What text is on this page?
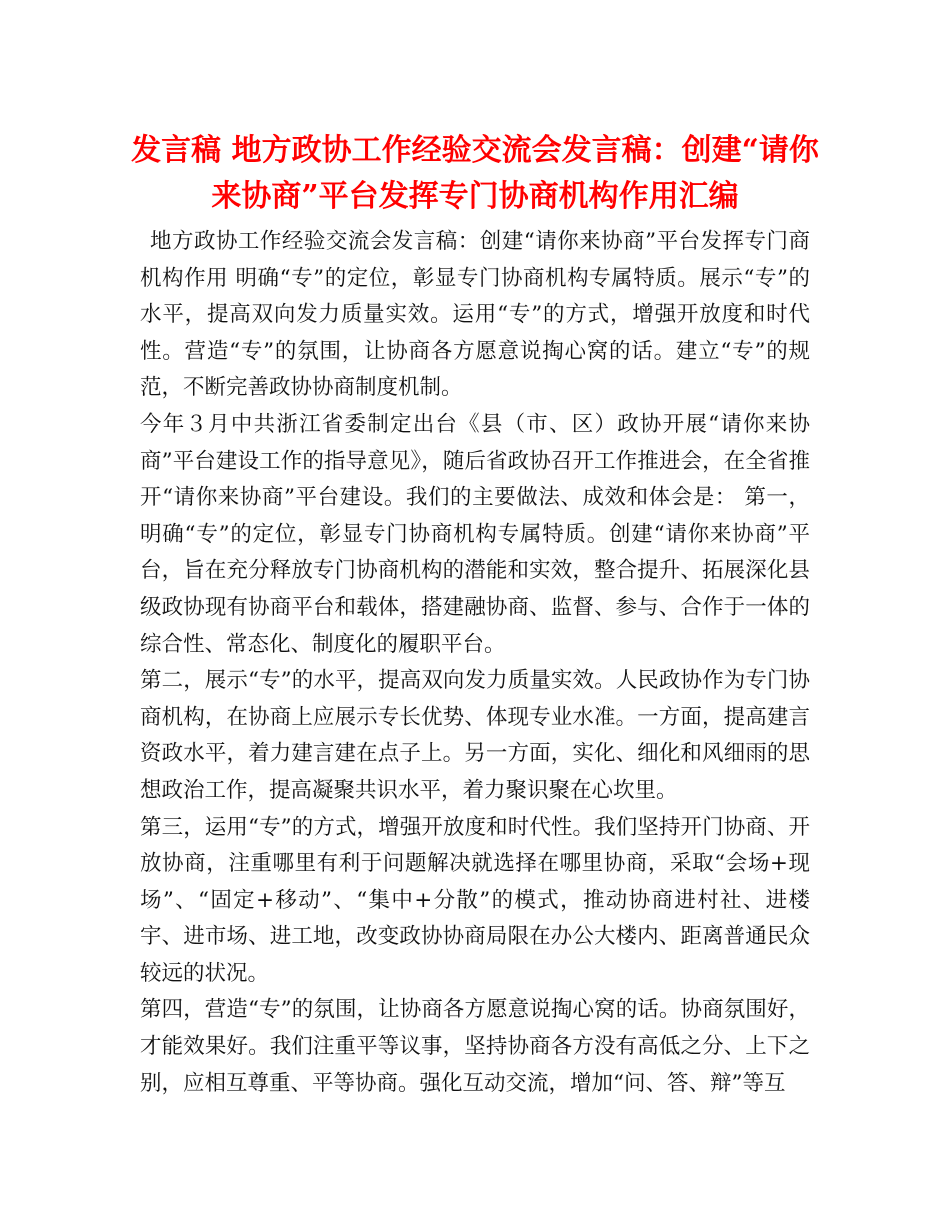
发言稿 地方政协工作经验交流会发言稿：创建“请你来协商”平台发挥专门协商机构作用汇编

地方政协工作经验交流会发言稿：创建“请你来协商”平台发挥专门商机构作用 明确“专”的定位，彰显专门协商机构专属特质。展示“专”的水平，提高双向发力质量实效。运用“专”的方式，增强开放度和时代性。营造“专”的氛围，让协商各方愿意说掏心窝的话。建立“专”的规范，不断完善政协协商制度机制。

今年３月中共浙江省委制定出台《县（市、区）政协开展“请你来协商”平台建设工作的指导意见》，随后省政协召开工作推进会，在全省推开“请你来协商”平台建设。我们的主要做法、成效和体会是： 第一，明确“专”的定位，彰显专门协商机构专属特质。创建“请你来协商”平台，旨在充分释放专门协商机构的潜能和实效，整合提升、拓展深化县级政协现有协商平台和载体，搭建融协商、监督、参与、合作于一体的综合性、常态化、制度化的履职平台。

第二，展示“专”的水平，提高双向发力质量实效。人民政协作为专门协商机构，在协商上应展示专长优势、体现专业水准。一方面，提高建言资政水平，着力建言建在点子上。另一方面，实化、细化和风细雨的思想政治工作，提高凝聚共识水平，着力聚识聚在心坎里。

第三，运用“专”的方式，增强开放度和时代性。我们坚持开门协商、开放协商，注重哪里有利于问题解决就选择在哪里协商，采取“会场+现场”、“固定+移动”、“集中+分散”的模式，推动协商进村社、进楼宇、进市场、进工地，改变政协协商局限在办公大楼内、距离普通民众较远的状况。

第四，营造“专”的氛围，让协商各方愿意说掏心窝的话。协商氛围好，才能效果好。我们注重平等议事，坚持协商各方没有高低之分、上下之别，应相互尊重、平等协商。强化互动交流，增加“问、答、辩”等互
